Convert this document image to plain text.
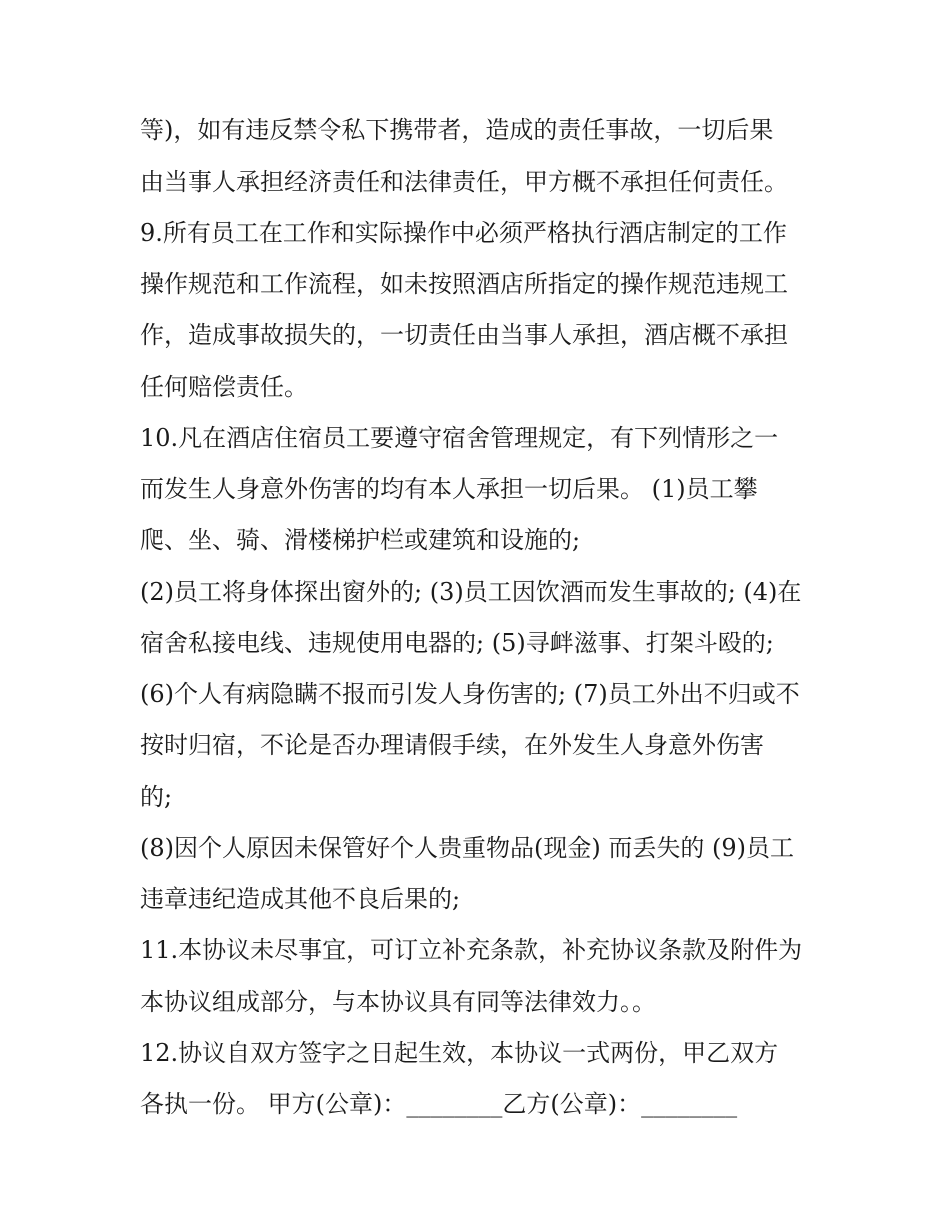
等)，如有违反禁令私下携带者，造成的责任事故，一切后果
由当事人承担经济责任和法律责任，甲方概不承担任何责任。
9.所有员工在工作和实际操作中必须严格执行酒店制定的工作
操作规范和工作流程，如未按照酒店所指定的操作规范违规工
作，造成事故损失的，一切责任由当事人承担，酒店概不承担
任何赔偿责任。
10.凡在酒店住宿员工要遵守宿舍管理规定，有下列情形之一
而发生人身意外伤害的均有本人承担一切后果。 (1)员工攀
爬、坐、骑、滑楼梯护栏或建筑和设施的;
(2)员工将身体探出窗外的; (3)员工因饮酒而发生事故的; (4)在
宿舍私接电线、违规使用电器的; (5)寻衅滋事、打架斗殴的;
(6)个人有病隐瞒不报而引发人身伤害的; (7)员工外出不归或不
按时归宿，不论是否办理请假手续，在外发生人身意外伤害
的;
(8)因个人原因未保管好个人贵重物品(现金) 而丢失的 (9)员工
违章违纪造成其他不良后果的;
11.本协议未尽事宜，可订立补充条款，补充协议条款及附件为
本协议组成部分，与本协议具有同等法律效力。。
12.协议自双方签字之日起生效，本协议一式两份，甲乙双方
各执一份。 甲方(公章)：________乙方(公章)：________
